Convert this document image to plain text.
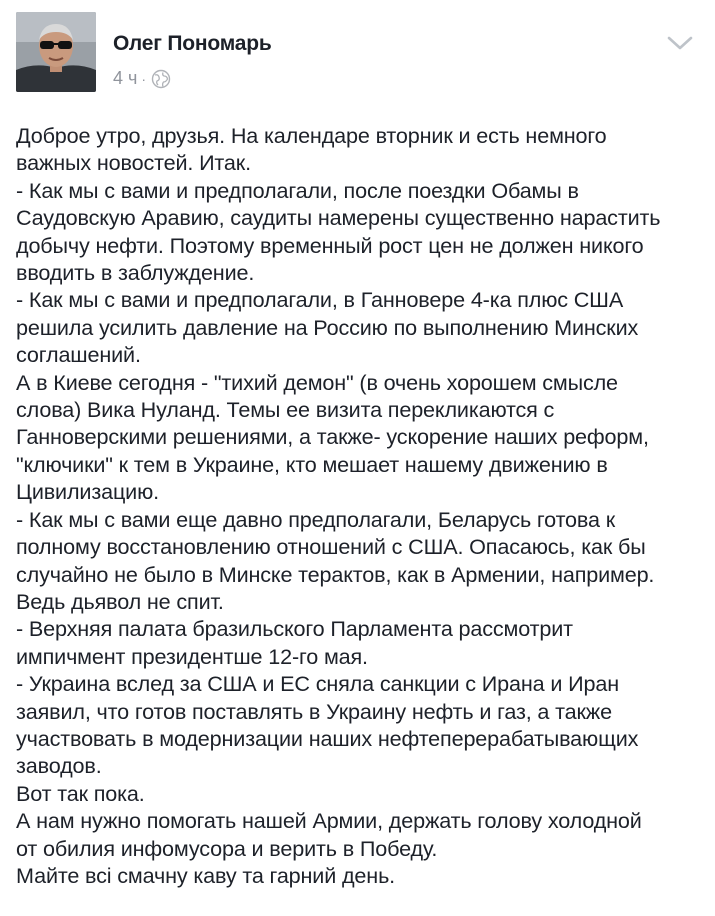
Олег Пономарь
4 ч ·
Доброе утро, друзья. На календаре вторник и есть немного
важных новостей. Итак.
- Как мы с вами и предполагали, после поездки Обамы в
Саудовскую Аравию, саудиты намерены существенно нарастить
добычу нефти. Поэтому временный рост цен не должен никого
вводить в заблуждение.
- Как мы с вами и предполагали, в Ганновере 4-ка плюс США
решила усилить давление на Россию по выполнению Минских
соглашений.
А в Киеве сегодня - "тихий демон" (в очень хорошем смысле
слова) Вика Нуланд. Темы ее визита перекликаются с
Ганноверскими решениями, а также- ускорение наших реформ,
"ключики" к тем в Украине, кто мешает нашему движению в
Цивилизацию.
- Как мы с вами еще давно предполагали, Беларусь готова к
полному восстановлению отношений с США. Опасаюсь, как бы
случайно не было в Минске терактов, как в Армении, например.
Ведь дьявол не спит.
- Верхняя палата бразильского Парламента рассмотрит
импичмент президентше 12-го мая.
- Украина вслед за США и ЕС сняла санкции с Ирана и Иран
заявил, что готов поставлять в Украину нефть и газ, а также
участвовать в модернизации наших нефтеперерабатывающих
заводов.
Вот так пока.
А нам нужно помогать нашей Армии, держать голову холодной
от обилия инфомусора и верить в Победу.
Майте всі смачну каву та гарний день.
